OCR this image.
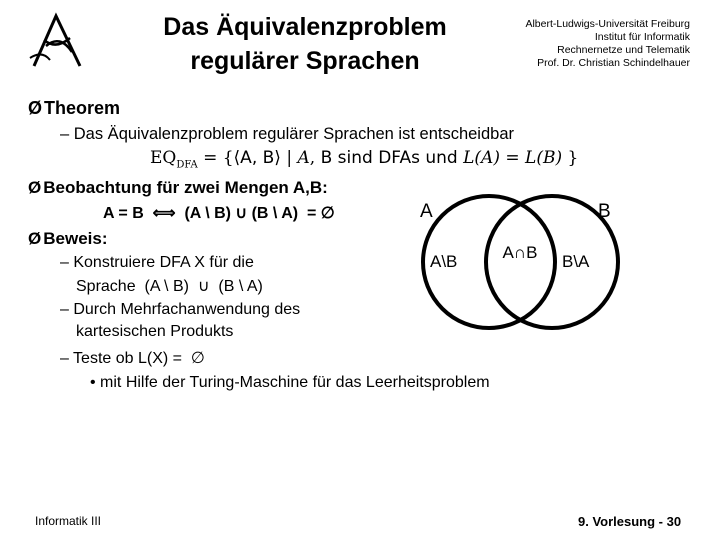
Das Äquivalenzproblem
regulärer Sprachen
Albert-Ludwigs-Universität Freiburg
Institut für Informatik
Rechnernetze und Telematik
Prof. Dr. Christian Schindelhauer
Ø Theorem
– Das Äquivalenzproblem regulärer Sprachen ist entscheidbar
$EQ_{DFA}$ = {⟨A, B⟩ | A, B sind DFAs und L(A) = L(B) }
Ø Beobachtung für zwei Mengen A,B:
A = B  ⟺  (A \ B) ∪ (B \ A)  = ∅
Ø Beweis:
– Konstruiere DFA X für die
Sprache  (A \ B)  ∪  (B \ A)
– Durch Mehrfachanwendung des
kartesischen Produkts
– Teste ob L(X) =  ∅
• mit Hilfe der Turing-Maschine für das Leerheitsproblem
A	B
A\B	A∩B B\A
Informatik III	9. Vorlesung - 30
